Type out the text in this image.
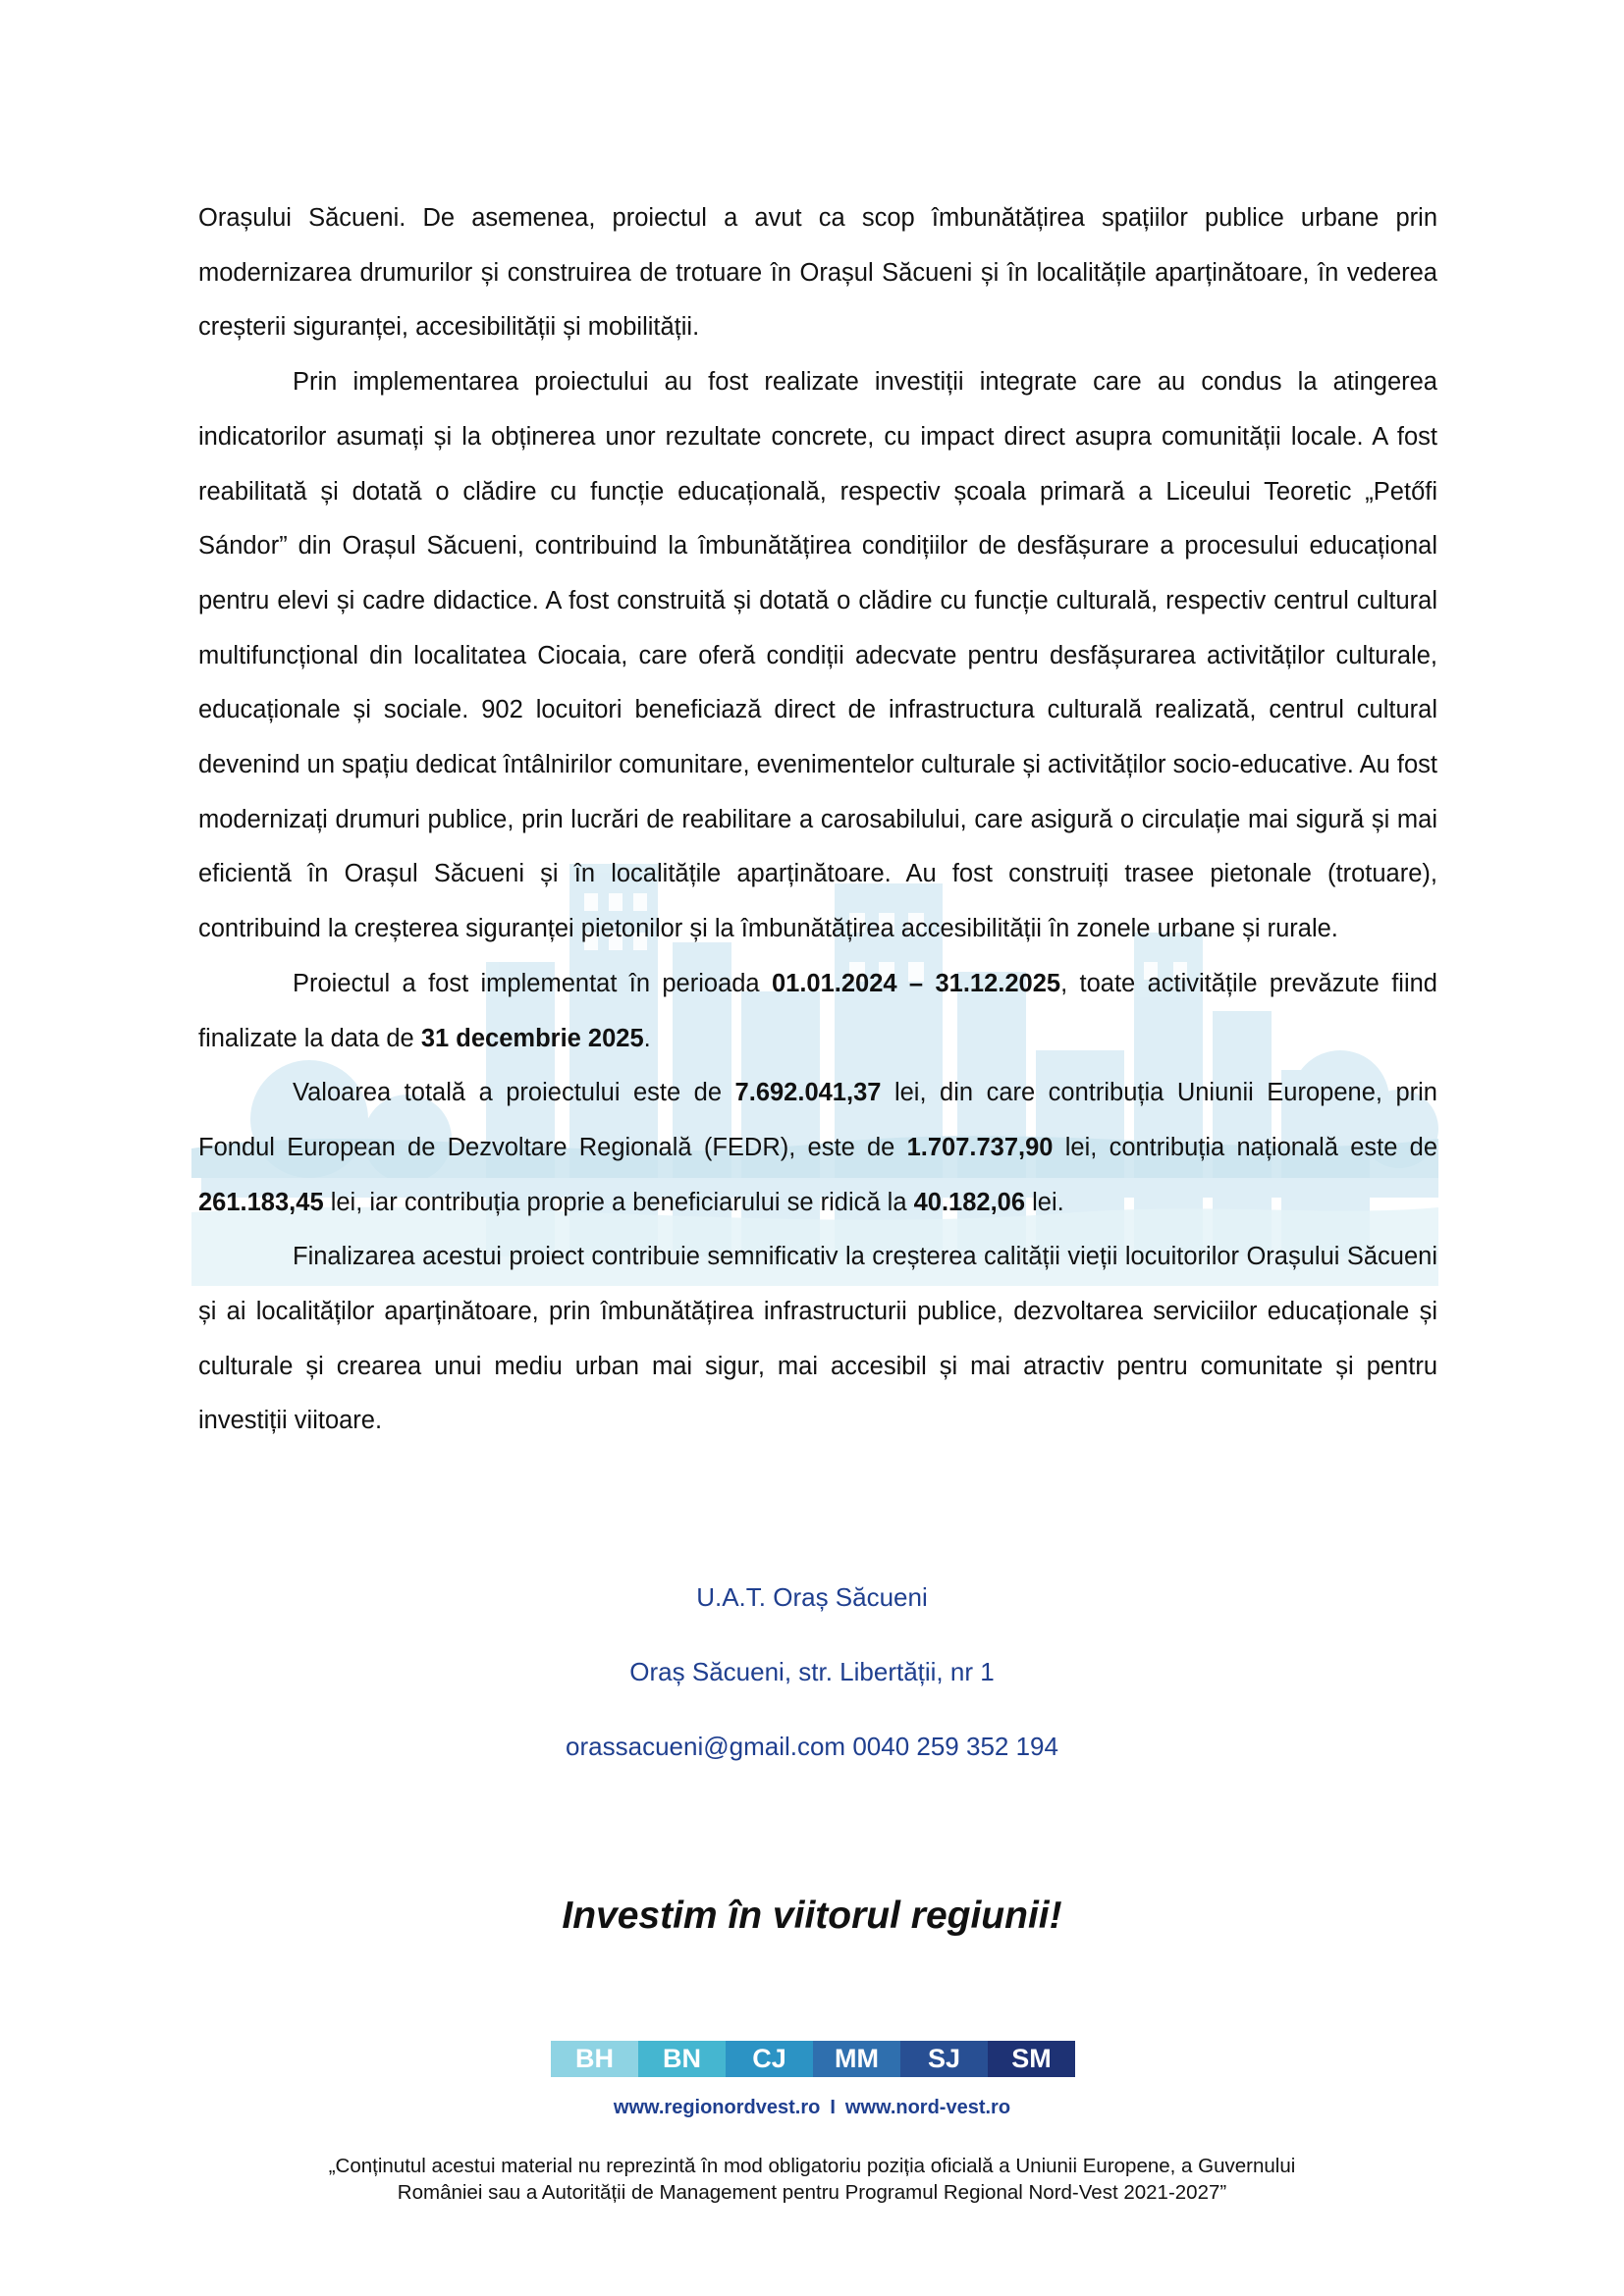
Orașului Săcueni. De asemenea, proiectul a avut ca scop îmbunătățirea spațiilor publice urbane prin modernizarea drumurilor și construirea de trotuare în Orașul Săcueni și în localitățile aparținătoare, în vederea creșterii siguranței, accesibilității și mobilității.

Prin implementarea proiectului au fost realizate investiții integrate care au condus la atingerea indicatorilor asumați și la obținerea unor rezultate concrete, cu impact direct asupra comunității locale. A fost reabilitată și dotată o clădire cu funcție educațională, respectiv școala primară a Liceului Teoretic „Petőfi Sándor” din Orașul Săcueni, contribuind la îmbunătățirea condițiilor de desfășurare a procesului educațional pentru elevi și cadre didactice. A fost construită și dotată o clădire cu funcție culturală, respectiv centrul cultural multifuncțional din localitatea Ciocaia, care oferă condiții adecvate pentru desfășurarea activităților culturale, educaționale și sociale. 902 locuitori beneficiază direct de infrastructura culturală realizată, centrul cultural devenind un spațiu dedicat întâlnirilor comunitare, evenimentelor culturale și activităților socio-educative. Au fost modernizați drumuri publice, prin lucrări de reabilitare a carosabilului, care asigură o circulație mai sigură și mai eficientă în Orașul Săcueni și în localitățile aparținătoare. Au fost construiți trasee pietonale (trotuare), contribuind la creșterea siguranței pietonilor și la îmbunătățirea accesibilității în zonele urbane și rurale.

Proiectul a fost implementat în perioada 01.01.2024 – 31.12.2025, toate activitățile prevăzute fiind finalizate la data de 31 decembrie 2025.

Valoarea totală a proiectului este de 7.692.041,37 lei, din care contribuția Uniunii Europene, prin Fondul European de Dezvoltare Regională (FEDR), este de 1.707.737,90 lei, contribuția națională este de 261.183,45 lei, iar contribuția proprie a beneficiarului se ridică la 40.182,06 lei.

Finalizarea acestui proiect contribuie semnificativ la creșterea calității vieții locuitorilor Orașului Săcueni și ai localităților aparținătoare, prin îmbunătățirea infrastructurii publice, dezvoltarea serviciilor educaționale și culturale și crearea unui mediu urban mai sigur, mai accesibil și mai atractiv pentru comunitate și pentru investiții viitoare.

U.A.T. Oraș Săcueni
Oraș Săcueni, str. Libertății, nr 1
orassacueni@gmail.com 0040 259 352 194
Investim în viitorul regiunii!
BH	BN	CJ	MM	SJ	SM
www.regionordvest.ro I www.nord-vest.ro
„Conținutul acestui material nu reprezintă în mod obligatoriu poziția oficială a Uniunii Europene, a Guvernului
României sau a Autorității de Management pentru Programul Regional Nord-Vest 2021-2027”
